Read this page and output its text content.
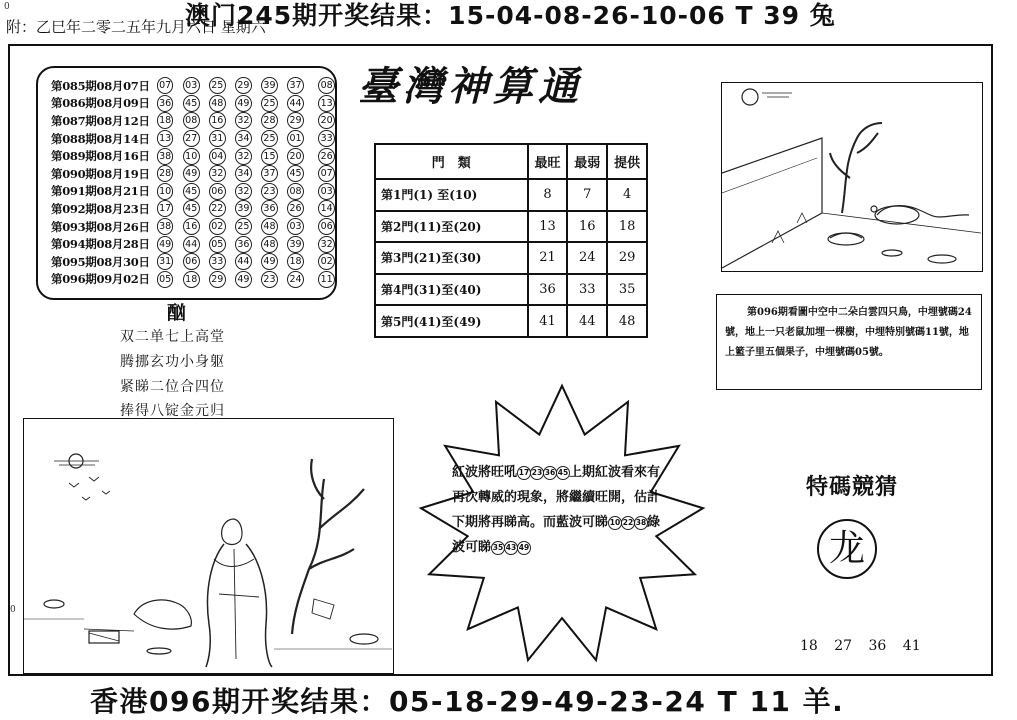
0	澳门245期开奖结果：15-04-08-26-10-06 T 39 兔
附：乙巳年二零二五年九月六日 星期六
0
第085期08月07日 07 03 25 29 39 37 08
第086期08月09日 36 45 48 49 25 44 13
第087期08月12日 18 08 16 32 28 29 20
第088期08月14日 13 27 31 34 25 01 33
第089期08月16日 38 10 04 32 15 20 26
第090期08月19日 28 49 32 34 37 45 07
第091期08月21日 10 45 06 32 23 08 03
第092期08月23日 17 45 22 39 36 26 14
第093期08月26日 38 16 02 25 48 03 06
第094期08月28日 49 44 05 36 48 39 32
第095期08月30日 31 06 33 44 49 18 02
第096期09月02日 05 18 29 49 23 24 11
酗
双二单七上高堂
腾挪玄功小身躯
紧睇二位合四位
捧得八锭金元归
臺灣神算通
門　類	最旺	最弱	提供
第1門(1) 至(10)	8	7	4
第2門(11)至(20)	13	16	18
第3門(21)至(30)	21	24	29
第4門(31)至(40)	36	33	35
第5門(41)至(49)	41	44	48
第096期看圖中空中二朵白雲四只鳥，中埋號碼24號，地上一只老鼠加埋一棵樹，中埋特別號碼11號，地上籃子里五個果子，中埋號碼05號。
紅波將旺吼 17 23 36 45上期紅波看來有再次轉威的現象，將繼續旺開，估計下期將再睇高。而藍波可睇 10 22 38綠波可睇 35 43 49
特碼競猜
龙
18 27 36 41
香港096期开奖结果：05-18-29-49-23-24 T 11 羊.
